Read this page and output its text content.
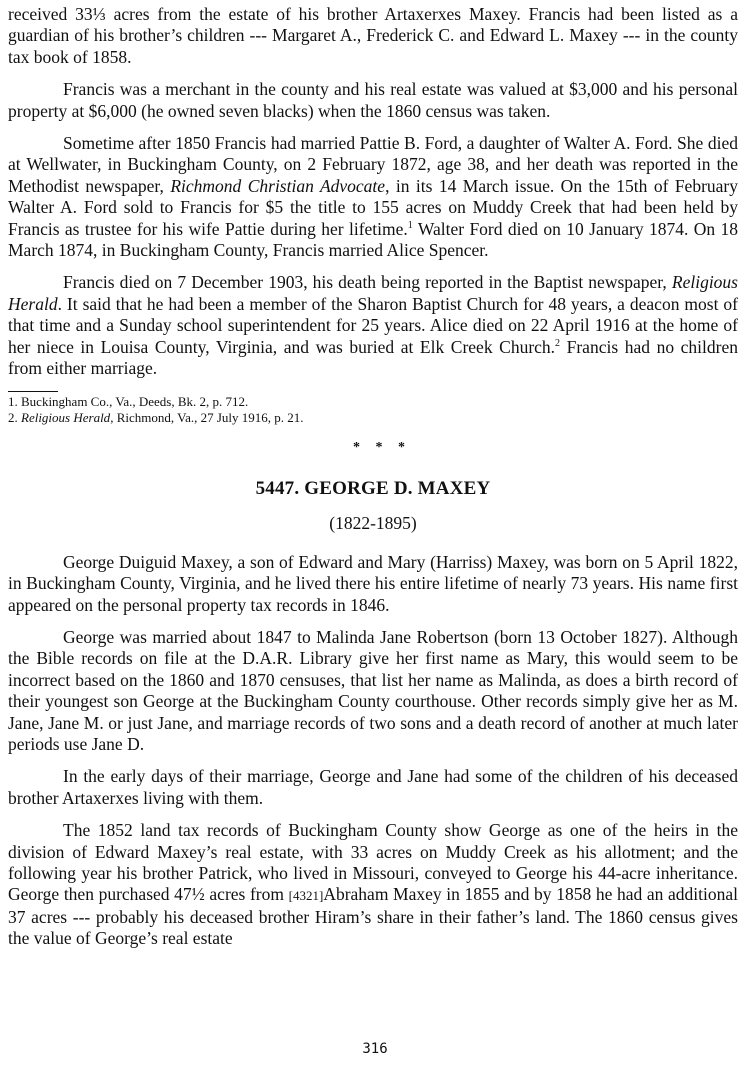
received 33⅓ acres from the estate of his brother Artaxerxes Maxey. Francis had been listed as a guardian of his brother’s children --- Margaret A., Frederick C. and Edward L. Maxey --- in the county tax book of 1858.

Francis was a merchant in the county and his real estate was valued at $3,000 and his personal property at $6,000 (he owned seven blacks) when the 1860 census was taken.

Sometime after 1850 Francis had married Pattie B. Ford, a daughter of Walter A. Ford. She died at Wellwater, in Buckingham County, on 2 February 1872, age 38, and her death was reported in the Methodist newspaper, Richmond Christian Advocate, in its 14 March issue. On the 15th of February Walter A. Ford sold to Francis for $5 the title to 155 acres on Muddy Creek that had been held by Francis as trustee for his wife Pattie during her lifetime.$^1$ Walter Ford died on 10 January 1874. On 18 March 1874, in Buckingham County, Francis married Alice Spencer.

Francis died on 7 December 1903, his death being reported in the Baptist newspaper, Religious Herald. It said that he had been a member of the Sharon Baptist Church for 48 years, a deacon most of that time and a Sunday school superintendent for 25 years. Alice died on 22 April 1916 at the home of her niece in Louisa County, Virginia, and was buried at Elk Creek Church.$^2$ Francis had no children from either marriage.

1. Buckingham Co., Va., Deeds, Bk. 2, p. 712.
2. Religious Herald, Richmond, Va., 27 July 1916, p. 21.
* * *
5447. GEORGE D. MAXEY
(1822-1895)

George Duiguid Maxey, a son of Edward and Mary (Harriss) Maxey, was born on 5 April 1822, in Buckingham County, Virginia, and he lived there his entire lifetime of nearly 73 years. His name first appeared on the personal property tax records in 1846.

George was married about 1847 to Malinda Jane Robertson (born 13 October 1827). Although the Bible records on file at the D.A.R. Library give her first name as Mary, this would seem to be incorrect based on the 1860 and 1870 censuses, that list her name as Malinda, as does a birth record of their youngest son George at the Buckingham County courthouse. Other records simply give her as M. Jane, Jane M. or just Jane, and marriage records of two sons and a death record of another at much later periods use Jane D.

In the early days of their marriage, George and Jane had some of the children of his deceased brother Artaxerxes living with them.

The 1852 land tax records of Buckingham County show George as one of the heirs in the division of Edward Maxey’s real estate, with 33 acres on Muddy Creek as his allotment; and the following year his brother Patrick, who lived in Missouri, conveyed to George his 44-acre inheritance. George then purchased 47½ acres from [4321]Abraham Maxey in 1855 and by 1858 he had an additional 37 acres --- probably his deceased brother Hiram’s share in their father’s land. The 1860 census gives the value of George’s real estate

316
